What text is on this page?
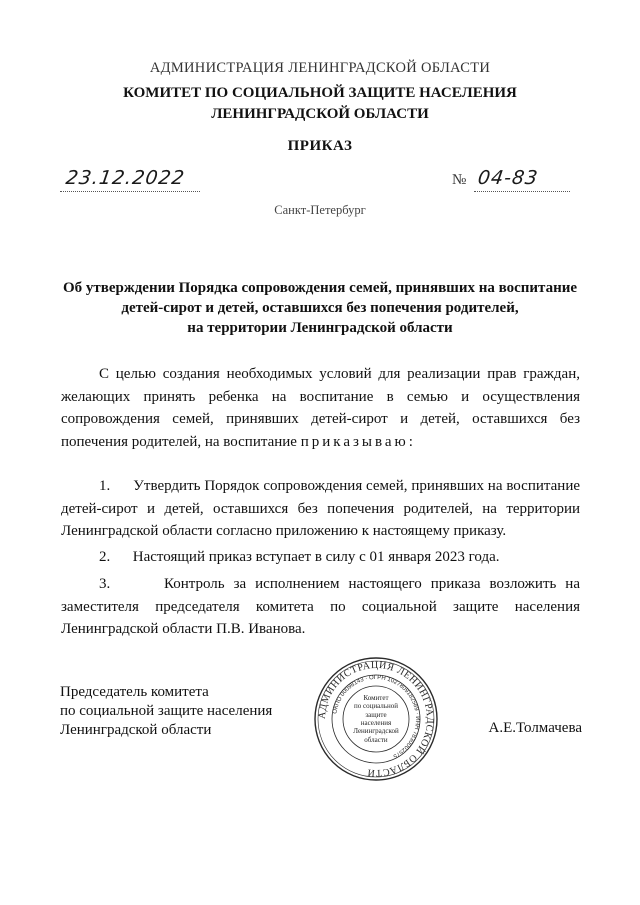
АДМИНИСТРАЦИЯ ЛЕНИНГРАДСКОЙ ОБЛАСТИ
КОМИТЕТ ПО СОЦИАЛЬНОЙ ЗАЩИТЕ НАСЕЛЕНИЯ
ЛЕНИНГРАДСКОЙ ОБЛАСТИ
ПРИКАЗ
23.12.2022	№ 04-83
Санкт-Петербург
Об утверждении Порядка сопровождения семей, принявших на воспитание
детей-сирот и детей, оставшихся без попечения родителей,
на территории Ленинградской области
С целью создания необходимых условий для реализации прав граждан, желающих принять ребенка на воспитание в семью и осуществления сопровождения семей, принявших детей-сирот и детей, оставшихся без попечения родителей, на воспитание приказываю:
1. Утвердить Порядок сопровождения семей, принявших на воспитание детей-сирот и детей, оставшихся без попечения родителей, на территории Ленинградской области согласно приложению к настоящему приказу.
2. Настоящий приказ вступает в силу с 01 января 2023 года.
3.	Контроль за исполнением настоящего приказа возложить на заместителя председателя комитета по социальной защите населения Ленинградской области П.В. Иванова.
Председатель комитета
по социальной защите населения
Ленинградской области
АДМИНИСТРАЦИЯ ЛЕНИНГРАДСКОЙ ОБЛАСТИ
ОКПО 00098143 · ОГРН 1027809182589 · ИНН 7830002575
Комитет
по социальной
защите
населения
Ленинградской
области
А.Е.Толмачева
